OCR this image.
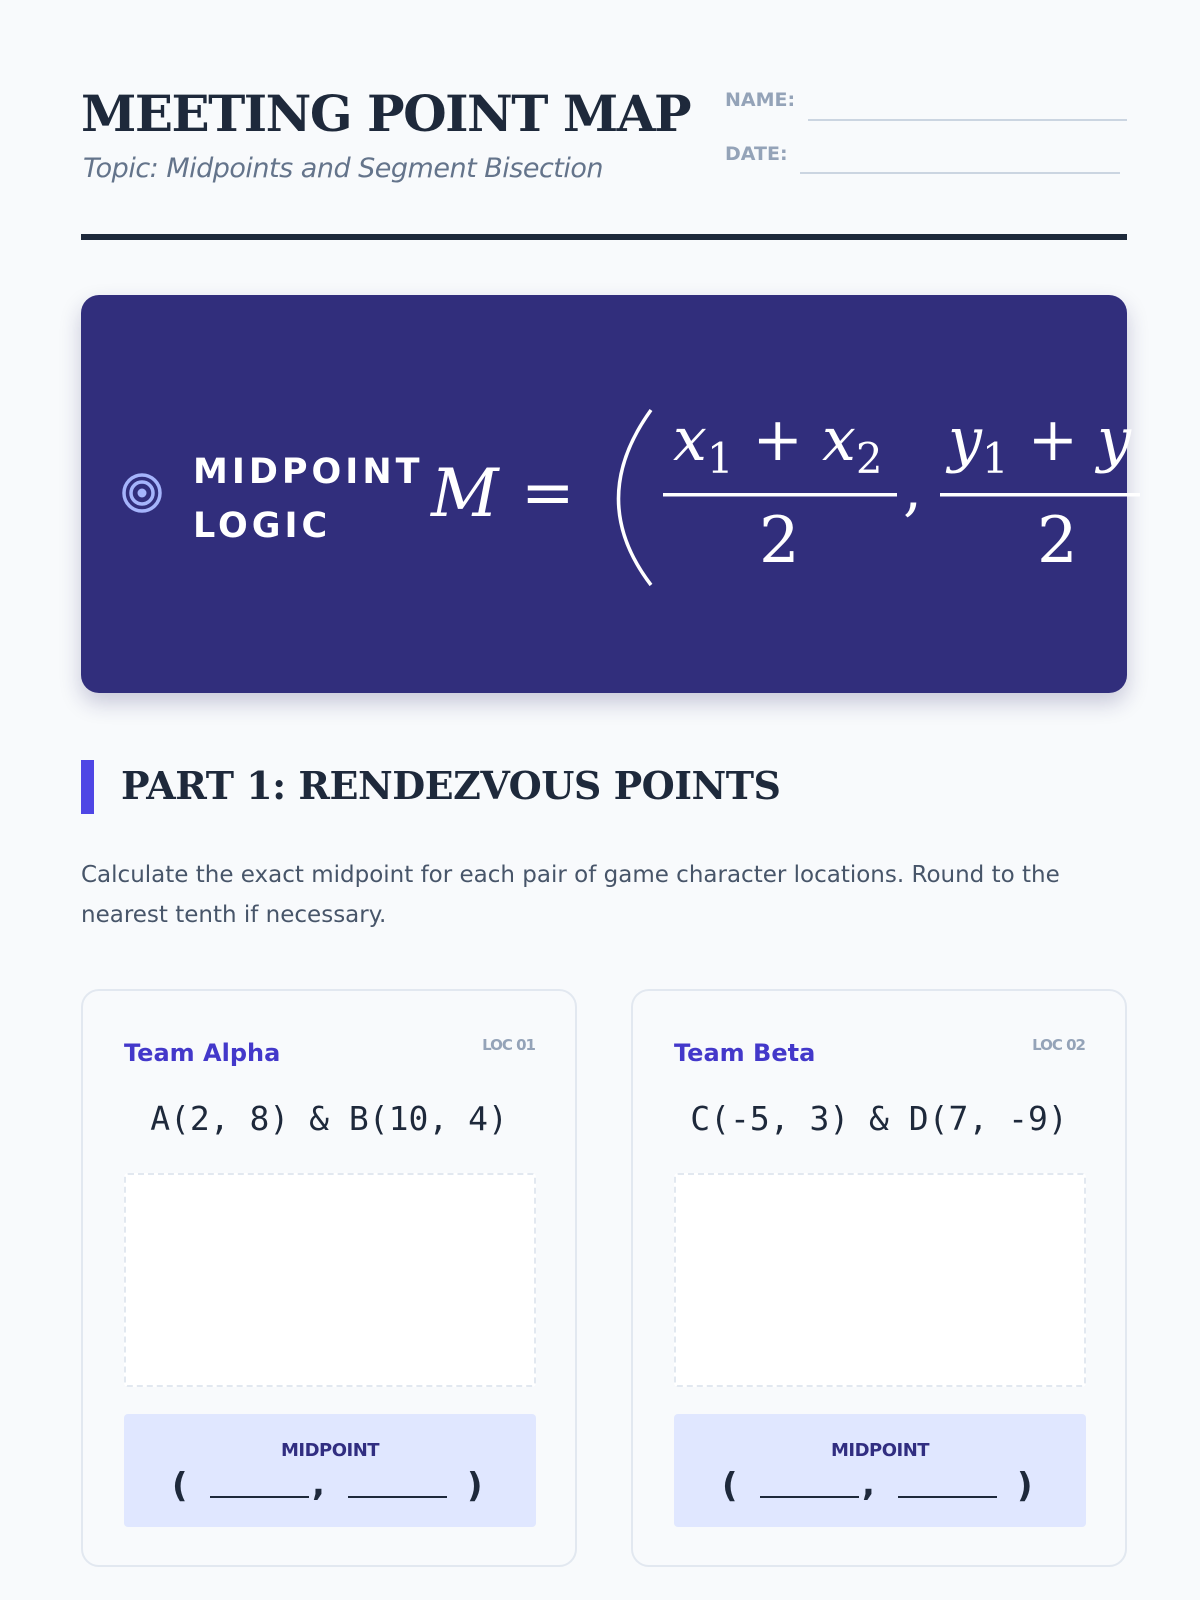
MEETING POINT MAP
Topic: Midpoints and Segment Bisection
NAME:
DATE:
MIDPOINT
LOGIC	M =
$x_1 + x_2$
2
,
$y_1 + y$
2
PART 1: RENDEZVOUS POINTS
Calculate the exact midpoint for each pair of game character locations. Round to the nearest tenth if necessary.
Team Alpha	LOC 01
A(2, 8) & B(10, 4)
MIDPOINT
(	,	)
Team Beta	LOC 02
C(-5, 3) & D(7, -9)
MIDPOINT
(	,	)
